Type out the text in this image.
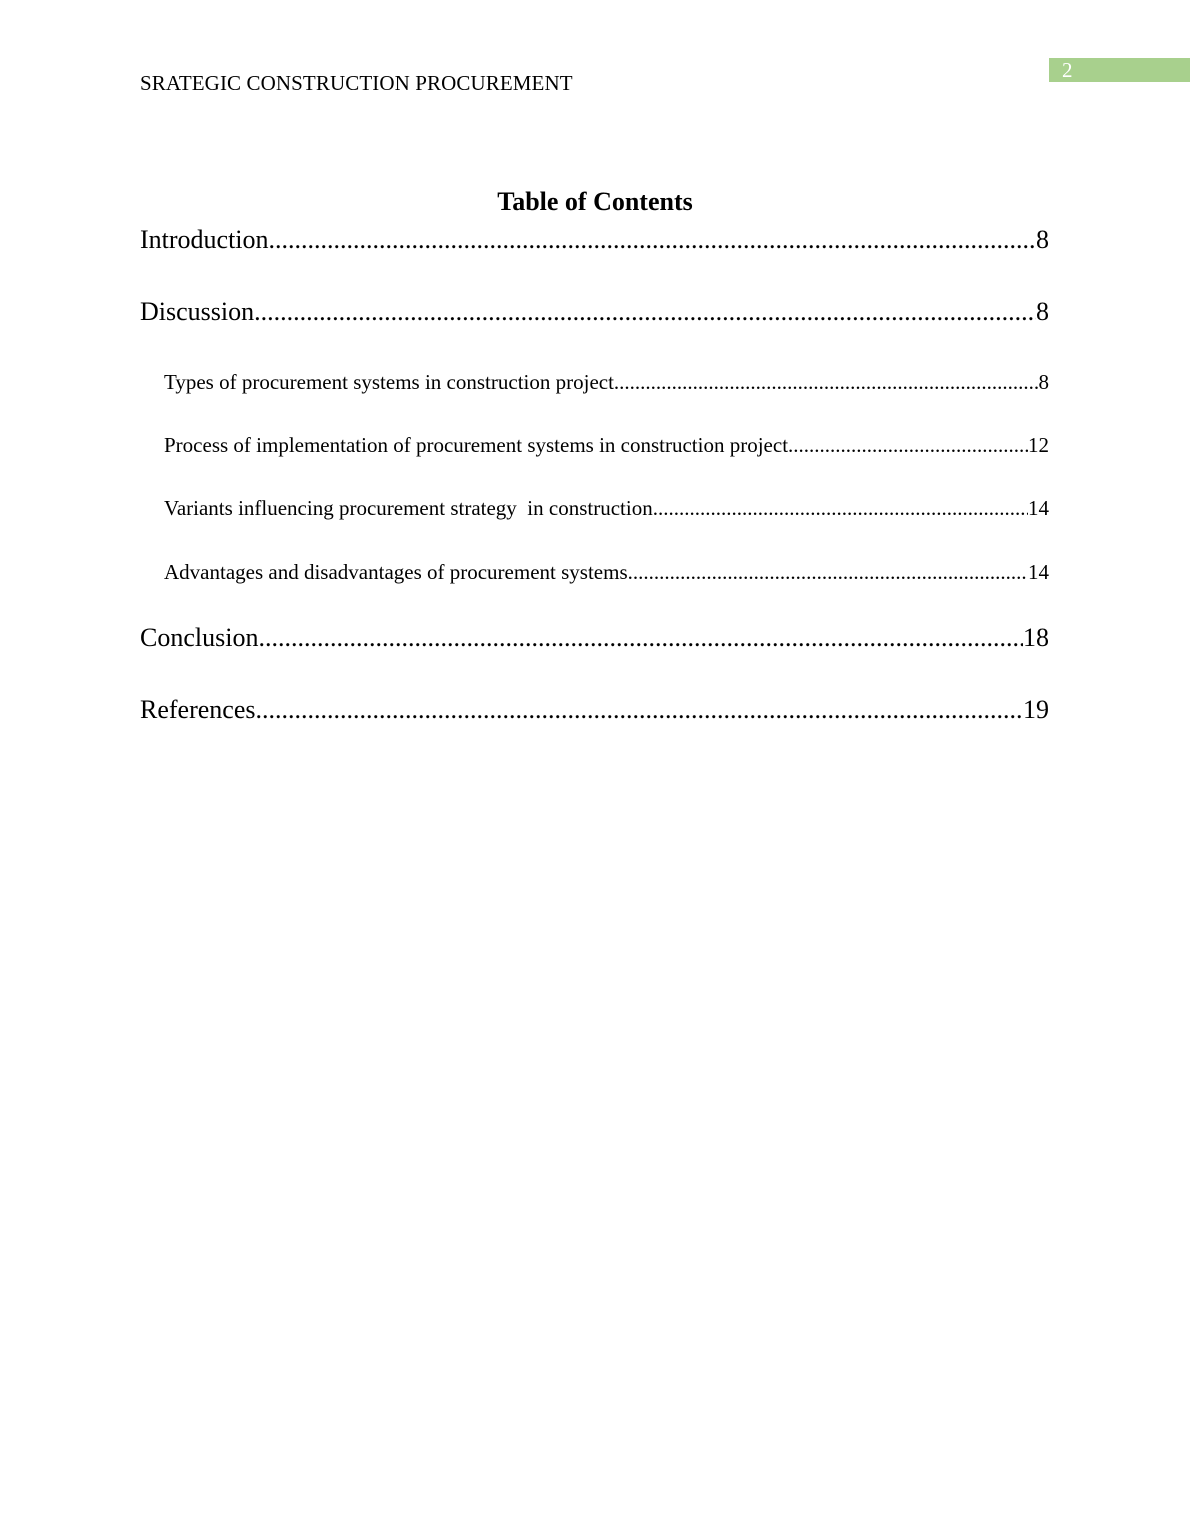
2
SRATEGIC CONSTRUCTION PROCUREMENT
Table of Contents
Introduction .....	8
Discussion .....	8
Types of procurement systems in construction project .....	8
Process of implementation of procurement systems in construction project .....	12
Variants influencing procurement strategy  in construction .....	14
Advantages and disadvantages of procurement systems .....	14
Conclusion .....	18
References .....	19
